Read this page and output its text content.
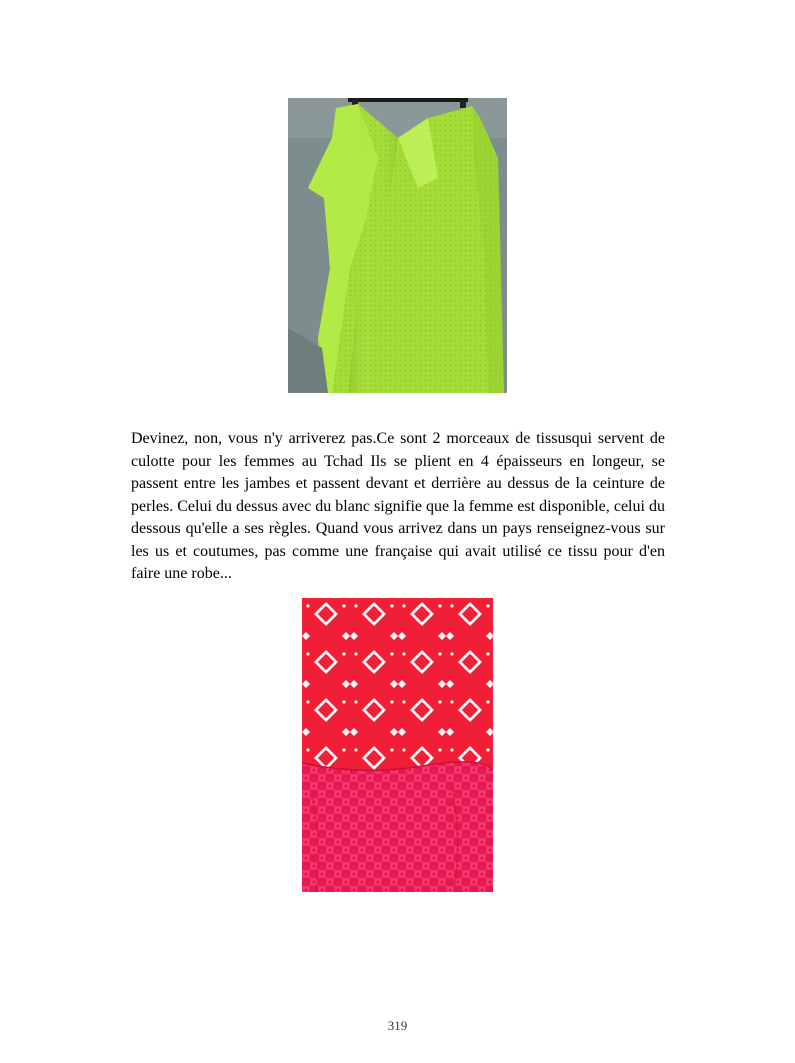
Devinez, non, vous n'y arriverez pas.Ce sont 2 morceaux de tissusqui servent de culotte pour les femmes au Tchad Ils se plient en 4 épaisseurs en longeur, se passent entre les jambes et passent devant et derrière au dessus de la ceinture de perles. Celui du dessus avec du blanc signifie que la femme est disponible, celui du dessous qu'elle a ses règles. Quand vous arrivez dans un pays renseignez-vous sur les us et coutumes, pas comme une française qui avait utilisé ce tissu pour d'en faire une robe...

319
